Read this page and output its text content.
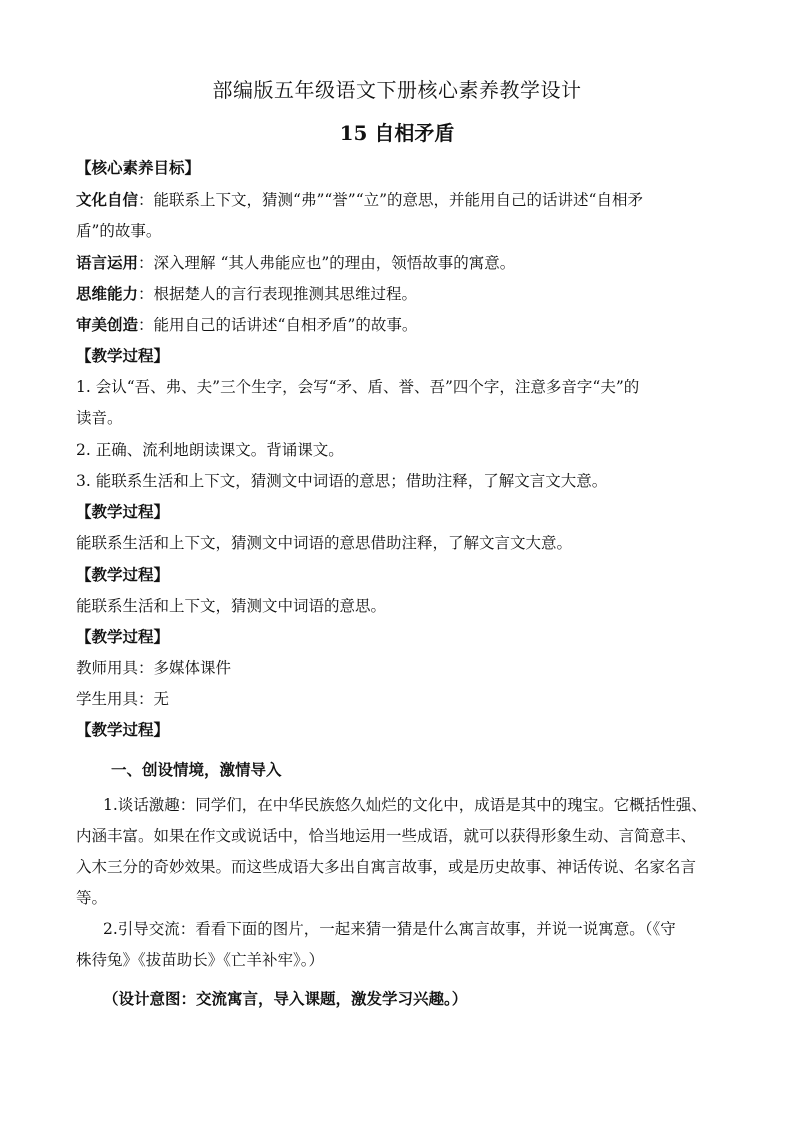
部编版五年级语文下册核心素养教学设计
15 自相矛盾
【核心素养目标】
文化自信：能联系上下文，猜测“弗”“誉”“立”的意思，并能用自己的话讲述“自相矛
盾”的故事。
语言运用：深入理解 “其人弗能应也”的理由，领悟故事的寓意。
思维能力：根据楚人的言行表现推测其思维过程。
审美创造：能用自己的话讲述“自相矛盾”的故事。
【教学过程】
1. 会认“吾、弗、夫”三个生字，会写“矛、盾、誉、吾”四个字，注意多音字“夫”的
读音。
2. 正确、流利地朗读课文。背诵课文。
3. 能联系生活和上下文，猜测文中词语的意思；借助注释，了解文言文大意。
【教学过程】
能联系生活和上下文，猜测文中词语的意思借助注释，了解文言文大意。
【教学过程】
能联系生活和上下文，猜测文中词语的意思。
【教学过程】
教师用具：多媒体课件
学生用具：无
【教学过程】
一、创设情境，激情导入
1.谈话激趣：同学们，在中华民族悠久灿烂的文化中，成语是其中的瑰宝。它概括性强、
内涵丰富。如果在作文或说话中，恰当地运用一些成语，就可以获得形象生动、言简意丰、
入木三分的奇妙效果。而这些成语大多出自寓言故事，或是历史故事、神话传说、名家名言
等。
2.引导交流：看看下面的图片，一起来猜一猜是什么寓言故事，并说一说寓意。（《守
株待兔》《拔苗助长》《亡羊补牢》。）
（设计意图：交流寓言，导入课题，激发学习兴趣。）
